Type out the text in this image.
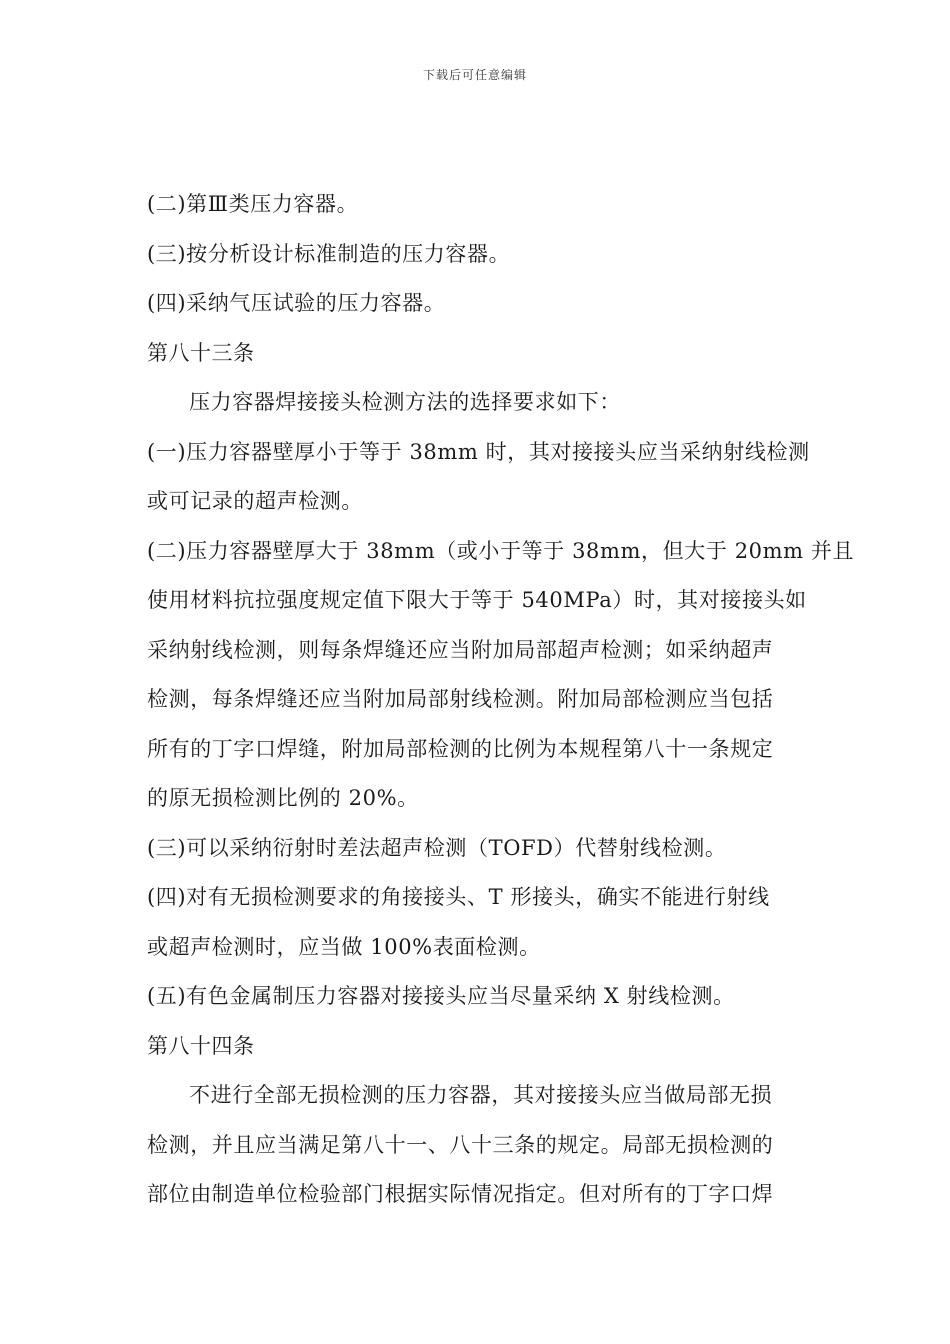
下载后可任意编辑
(二)第Ⅲ类压力容器。
(三)按分析设计标准制造的压力容器。
(四)采纳气压试验的压力容器。
第八十三条
压力容器焊接接头检测方法的选择要求如下：
(一)压力容器壁厚小于等于 38mm 时，其对接接头应当采纳射线检测
或可记录的超声检测。
(二)压力容器壁厚大于 38mm（或小于等于 38mm，但大于 20mm 并且
使用材料抗拉强度规定值下限大于等于 540MPa）时，其对接接头如
采纳射线检测，则每条焊缝还应当附加局部超声检测；如采纳超声
检测，每条焊缝还应当附加局部射线检测。附加局部检测应当包括
所有的丁字口焊缝，附加局部检测的比例为本规程第八十一条规定
的原无损检测比例的 20%。
(三)可以采纳衍射时差法超声检测（TOFD）代替射线检测。
(四)对有无损检测要求的角接接头、T 形接头，确实不能进行射线
或超声检测时，应当做 100%表面检测。
(五)有色金属制压力容器对接接头应当尽量采纳 X 射线检测。
第八十四条
不进行全部无损检测的压力容器，其对接接头应当做局部无损
检测，并且应当满足第八十一、八十三条的规定。局部无损检测的
部位由制造单位检验部门根据实际情况指定。但对所有的丁字口焊
